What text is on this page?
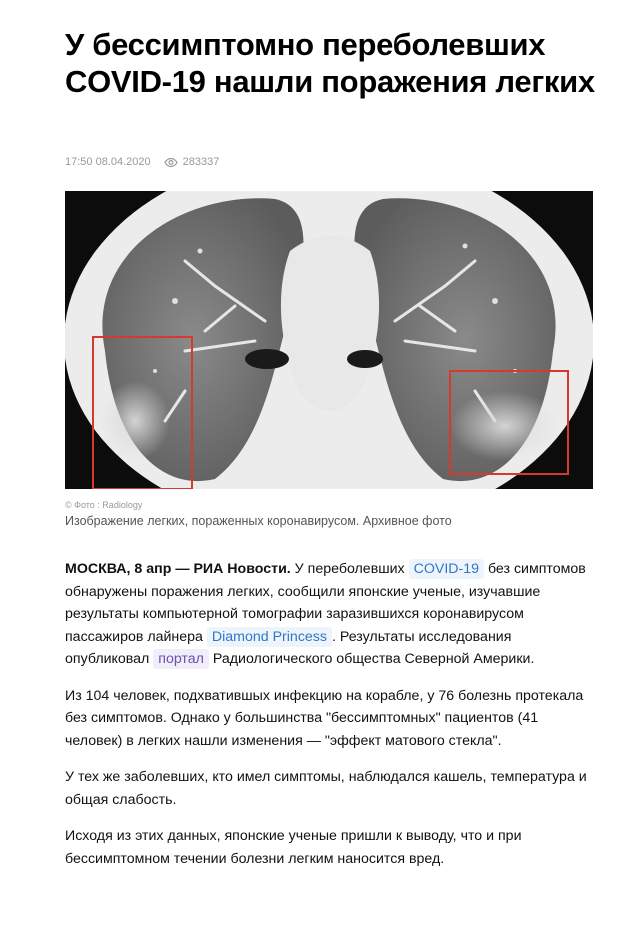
У бессимптомно переболевших COVID-19 нашли поражения легких
17:50 08.04.2020	283337
© Фото : Radiology
Изображение легких, пораженных коронавирусом. Архивное фото

МОСКВА, 8 апр — РИА Новости. У переболевших COVID-19 без симптомов обнаружены поражения легких, сообщили японские ученые, изучавшие результаты компьютерной томографии заразившихся коронавирусом пассажиров лайнера Diamond Princess . Результаты исследования опубликовал портал Радиологического общества Северной Америки.

Из 104 человек, подхватившых инфекцию на корабле, у 76 болезнь протекала без симптомов. Однако у большинства "бессимптомных" пациентов (41 человек) в легких нашли изменения — "эффект матового стекла".

У тех же заболевших, кто имел симптомы, наблюдался кашель, температура и общая слабость.

Исходя из этих данных, японские ученые пришли к выводу, что и при бессимптомном течении болезни легким наносится вред.
